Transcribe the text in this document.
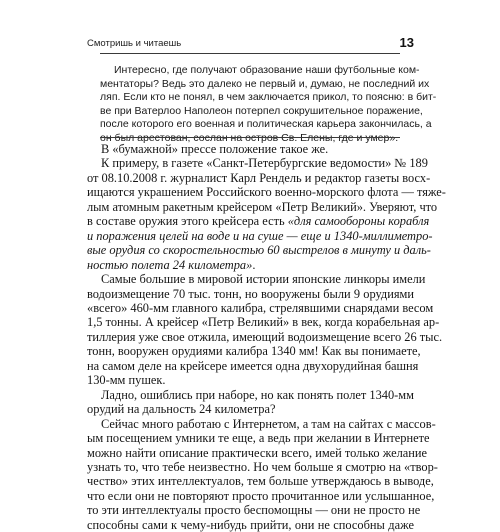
Смотришь и читаешь	13
Интересно, где получают образование наши футбольные ком-
ментаторы? Ведь это далеко не первый и, думаю, не последний их
ляп. Если кто не понял, в чем заключается прикол, то поясню: в бит-
ве при Ватерлоо Наполеон потерпел сокрушительное поражение,
после которого его военная и политическая карьера закончилась, а
В «бумажной» прессе положение такое же.
К примеру, в газете «Санкт-Петербургские ведомости» № 189
от 08.10.2008 г. журналист Карл Рендель и редактор газеты восх-
ищаются украшением Российского военно-морского флота — тяже-
лым атомным ракетным крейсером «Петр Великий». Уверяют, что
в составе оружия этого крейсера есть «для самообороны корабля
и поражения целей на воде и на суше — еще и 1340-миллиметро-
вые орудия со скоростельностью 60 выстрелов в минуту и даль-
ностью полета 24 километра».
Самые большие в мировой истории японские линкоры имели
водоизмещение 70 тыс. тонн, но вооружены были 9 орудиями
«всего» 460-мм главного калибра, стрелявшими снарядами весом
1,5 тонны. А крейсер «Петр Великий» в век, когда корабельная ар-
тиллерия уже свое отжила, имеющий водоизмещение всего 26 тыс.
тонн, вооружен орудиями калибра 1340 мм! Как вы понимаете,
на самом деле на крейсере имеется одна двухорудийная башня
130-мм пушек.
Ладно, ошиблись при наборе, но как понять полет 1340-мм
орудий на дальность 24 километра?
Сейчас много работаю с Интернетом, а там на сайтах с массов-
ым посещением умники те еще, а ведь при желании в Интернете
можно найти описание практически всего, имей только желание
узнать то, что тебе неизвестно. Но чем больше я смотрю на «твор-
чество» этих интеллектуалов, тем больше утверждаюсь в выводе,
что если они не повторяют просто прочитанное или услышанное,
то эти интеллектуалы просто беспомощны — они не просто не
способны сами к чему-нибудь прийти, они не способны даже
